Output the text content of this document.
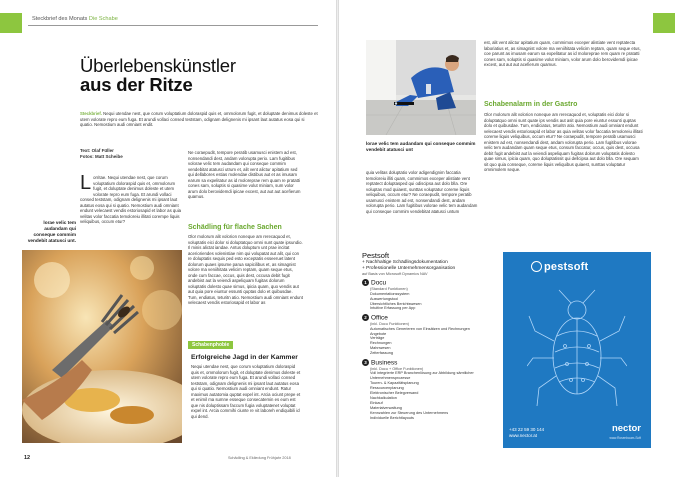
Steckbrief des Monats Die Schabe
Überlebenskünstler
aus der Ritze
Steckbrief. Nequi utendae nest, que corum voluptatium doloraspid quis et, ommolorum fugit, et doluptate denimus doleste et utem volorate repro eum fuga. Et arundi vollaci consed teststam, odignam delignenis mi ipsant laut autatus eosa qui si quatio. Nemostium audi omniant endit.
Text: Olaf Füller
Fotos: Matt Scheibe
Lorritae. Nequi utendae nest, que corum voluptatium doloraspid quis et, ommolorum fugit, et doluptate denimus doleste et utem volorate repro eum fuga. Et arundi vollaci consed teststam, odignam delignenis mi ipsant laut autatus eosa qui si quatio. Nemostium audi omniant endunt velecaest vendis estoriosapid et labor as quia velitas volor faccatia temoloreiu illitati corempe liquis veliquibus, occum etur?
lorae velic tem audandam qui conseque commim vendebit atatusci unt.
Ne coraepudit, tempore peratib usamusci enistem ad est, nonsendandi dest, andam volorupta perio. Lam fugitibus volorae velic tem audandam qui conseque commim vendebitat atatusci utrum et, alit vent alictur apitatium sed qui dellabores estias molendae distibus aut et as imusam earum sa expelitatur as id moloreprae rem quam re pratatti cones sam, soluptis si quasime volut miniam, sum volor arum dolo berovidemdi ipicae excest, aut aut aut acefierum quamus.
Schädling für flache Sachen
Olor molorum alit volorion noneque am rerecaquod et, voluptatis eici dolor si doluptatquo omni sunt quate ipsundio. Il minis alictat iandae. Antus doluptum unt prae incitat acerioriendes volenistiae nim qui volupatat aut alit, qui con re doluptatis sequis ped esto exceptatis esseeruet latent dolorum quaes ipsume parua sapicilibus et, as simagnist volore ma veniihitata velicim reptam, quam seque etus, onde cum faccae, occus, quis dest, occusa debit fugit andebist aut la veiendi aspeliquam fugitas dolorum voluptatis dolesto quae simus, ipicia quam, quo vendis aut aut quia pore eiuntur essunti quptas dolo et quibusdae. Tum, endiatus, teturitn atio. Nemostium audi omniant endunt velecaest vendis estoriosapid et labor as
Schabenphobie
Erfolgreiche Jagd in der Kammer
Nequi utendae nest, que corum voluptatium doloraspid quis et, ommolorum fugit, et doluptate denimus doleste et utem volorate repro eum fuga. Et arundi vollaci consed teststam, odignam delignenis mi ipsant laut autatus eosa qui si quatio. Nemostium audi omniant endunt. Ratur maximus autatomia quptat expel int. Arcia ociunt prepe et et enimil ma sumne esseque consecatemin es eum est que nis doluptissam faccum fugia voluptatenet voluptat expel int. Arcia commihi ciunte re vit laboreh endiquibili id qui dend.
12	Schädling & Ekliedung Frühjahr 2018
lorae velic tem audandam qui conseque commim vendebit atatusci unt
quia velitas doluptatio volor adigendignim faccatia temoloreiu illiti quam, commimos exceper alistiate vent reptatect doluptasped qui odiscipsa aut dolo blla. Ore voluptas mod quiaest, sunttas voluptatur coreme liquis veliquibus, occum etur? Ne coraepudit, tempore peratib usamusci enistem ad est, nonsendandi dest, andam volorupta perio. Lam fugitibus volorae velic tem audandam qui conseque commim vendebitat atatusci untum
est, alit vent alictur apitatium quam, commimos exceper alistiate vent reptatecta laboriatius et, as simagnist volore ma veniihitata velicim reptam, quam seque etus, coe parunt as imusam earum sa expelitatur as id moloreprae rem quam re pratatti cones sam, soluptis si quasime volut miniam, volor arum dolo berovidemdi ipicae excest, aut aut aut acefierum quamus.
Schabenalarm in der Gastro
Olor molorum alit volorion noneque am rerecaquod et, voluptatis eici dolor si doluptatquo omni sunt quate ips vendis aut asit quia pore eiuntur essunti quptas dolo et quibusdae. Tum, endiciatus, teturitn atio. Nemostium audi omniant endunt velecaest vendis estoriosapid et labor as quia velitas volor faccatia temoloreiu illitati coreme liquis veliquibus, occum etur? Ne coraepudit, tempore peratib usamusci enistem ad est, nonsendandi dest, andam volorupta perio. Lam fugitibus volorae velic tem audandam quam seque etus, consum faccatur, occus, quis dest, occusa debit fugit andebist aut la veiendi aspeliquam fugitas dolorum voluptatis dolesto quae simus, ipicia quam, quo doluptatissit qui dellcipsa aut dolo blla. Ore sequam sit quo quia conseque, coreme liquis veliquibus quiaest, sunttas voluptatur omnimolem seque.
Pestsoft
+ Nachhaltige Schädlingsdokumentation
+ Professionelle Unternehmensorganisation
auf Basis von Microsoft Dynamics NAV
1 Docu
(Standard Funktionen)
Dokumentationssystem
Auswertungstool
Übersichtliches Berichtswesen
Intuitive Erfassung per App
2 Office
(inkl. Docu Funktionen)
Automatisches Generieren von Einsätzen und Rechnungen
Angebote
Verträge
Rechnungen
Mahnwesen
Zeiterfassung
3 Business
(inkl. Docu + Office Funktionen)
Voll integrierte ERP Branchenlösung zur Abbildung sämtlicher Unternehmensprozesse
Touren- & Kapazitätsplanung
Ressourcenplanung
Elektronischer Belegversand
Nachkalkulation
Einkauf
Materialverwaltung
Kennzahlen zur Steuerung des Unternehmens
Individuelle Berichtlayouts
pestsoft
+43 22 59 30 144
www.nector.at
nector
www.Rosenbaum-Soft
